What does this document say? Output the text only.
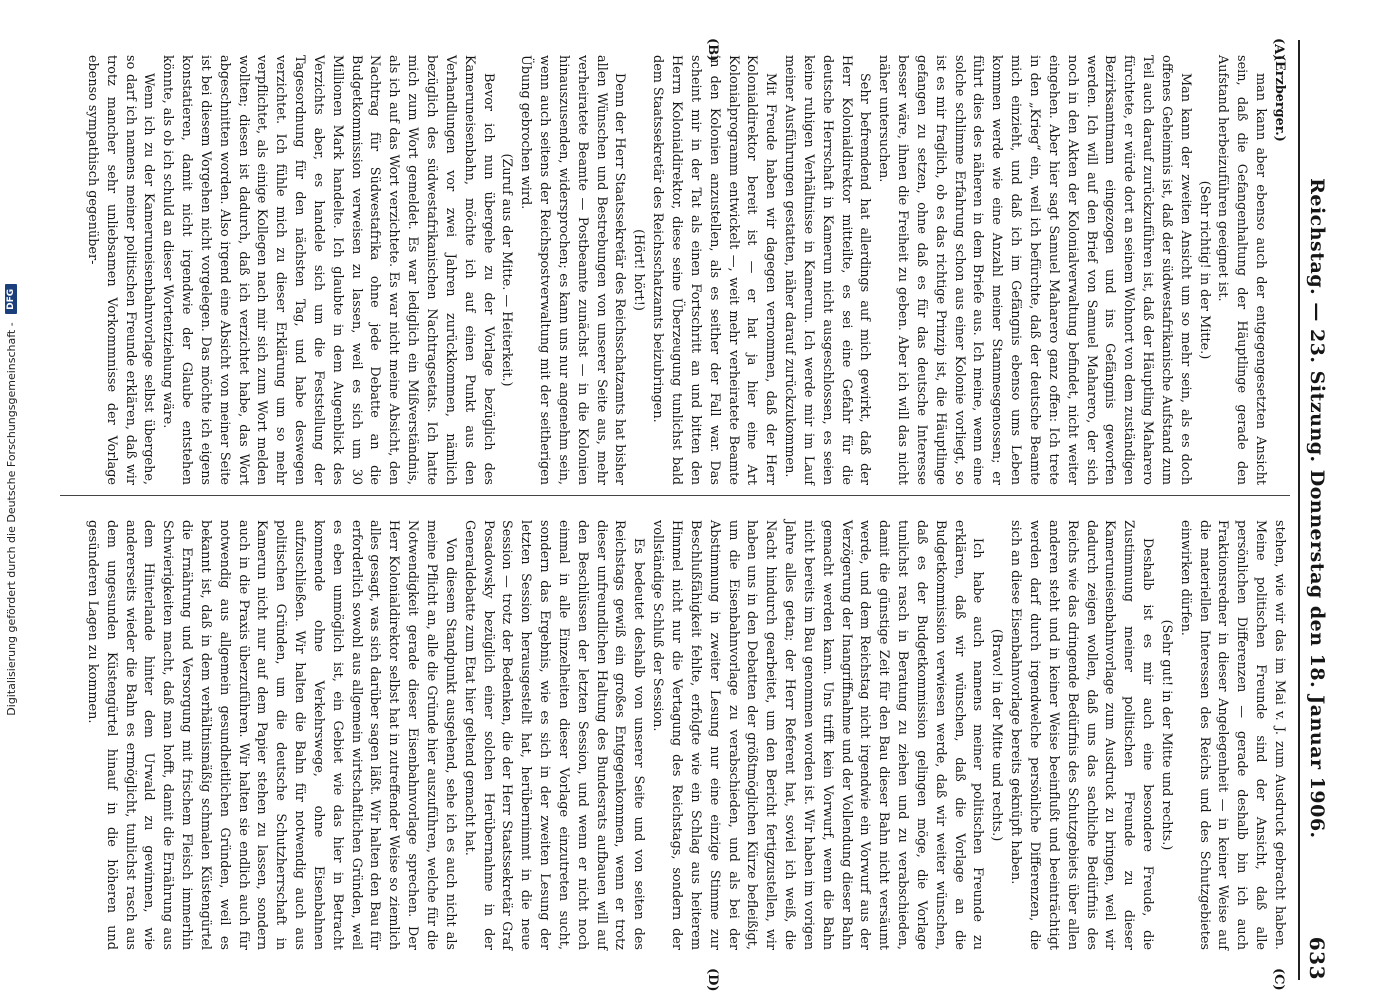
Reichstag. — 23. Sitzung. Donnerstag den 18. Januar 1906.
633
(A)
(B)
(C)
(D)

(Erzberger.)

man kann aber ebenso auch der entgegengesetzten Ansicht sein, daß die Gefangenhaltung der Häuptlinge gerade den Aufstand herbeizuführen geeignet ist.

(Sehr richtig! in der Mitte.)

Man kann der zweiten Ansicht um so mehr sein, als es doch offenes Geheimnis ist, daß der südwestafrikanische Aufstand zum Teil auch darauf zurückzuführen ist, daß der Häuptling Maharero fürchtete, er würde dort an seinem Wohnort von dem zuständigen Bezirksamtmann eingezogen und ins Gefängnis geworfen werden. Ich will auf den Brief von Samuel Maharero, der sich noch in den Akten der Kolonialverwaltung befindet, nicht weiter eingehen. Aber hier sagt Samuel Maharero ganz offen: Ich trete in den „Krieg“ ein, weil ich befürchte, daß der deutsche Beamte mich einzieht, und daß ich im Gefängnis ebenso ums Leben kommen werde wie eine Anzahl meiner Stammesgenossen; er führt dies des näheren in dem Briefe aus. Ich meine, wenn eine solche schlimme Erfahrung schon aus einer Kolonie vorliegt, so ist es mir fraglich, ob es das richtige Prinzip ist, die Häuptlinge gefangen zu setzen, ohne daß es für das deutsche Interesse besser wäre, ihnen die Freiheit zu geben. Aber ich will das nicht näher untersuchen.

Sehr befremdend hat allerdings auf mich gewirkt, daß der Herr Kolonialdirektor mitteilte, es sei eine Gefahr für die deutsche Herrschaft in Kamerun nicht ausgeschlossen, es seien keine ruhigen Verhältnisse in Kamerun. Ich werde mir im Lauf meiner Ausführungen gestatten, näher darauf zurückzukommen.

Mit Freude haben wir dagegen vernommen, daß der Herr Kolonialdirektor bereit ist — er hat ja hier eine Art Kolonialprogramm entwickelt —, weit mehr verheiratete Beamte in den Kolonien anzustellen, als es seither der Fall war. Das scheint mir in der Tat als einen Fortschritt an und bitten den Herrn Kolonialdirektor, diese seine Überzeugung tunlichst bald dem Staatssekretär des Reichsschatzamts beizubringen.

(Hört! hört!)

Denn der Herr Staatssekretär des Reichsschatzamts hat bisher allen Wünschen und Bestrebungen von unserer Seite aus, mehr verheiratete Beamte — Postbeamte zunächst — in die Kolonien hinauszusenden, widersprochen; es kann uns nur angenehm sein, wenn auch seitens der Reichspostverwaltung mit der seitherigen Übung gebrochen wird.

(Zuruf aus der Mitte. — Heiterkeit.)

Bevor ich nun übergehe zu der Vorlage bezüglich des Kameruneisenbahn, möchte ich auf einen Punkt aus den Verhandlungen vor zwei Jahren zurückkommen, nämlich bezüglich des südwestafrikanischen Nachtragsetats. Ich hatte mich zum Wort gemeldet. Es war lediglich ein Mißverständnis, als ich auf das Wort verzichtete. Es war nicht meine Absicht, den Nachtrag für Südwestafrika ohne jede Debatte an die Budgetkommission verweisen zu lassen, weil es sich um 30 Millionen Mark handelte. Ich glaubte in dem Augenblick des Verzichts aber, es handele sich um die Feststellung der Tagesordnung für den nächsten Tag, und habe deswegen verzichtet. Ich fühle mich zu dieser Erklärung um so mehr verpflichtet, als einige Kollegen nach mir sich zum Wort melden wollten; diesen ist dadurch, daß ich verzichtet habe, das Wort abgeschnitten worden. Also irgend eine Absicht von meiner Seite ist bei diesem Vorgehen nicht vorgelegen. Das möchte ich eigens konstatieren, damit nicht irgendwie der Glaube entstehen könnte, als ob ich schuld an dieser Wortentziehung wäre.

Wenn ich zu der Kameruneisenbahnvorlage selbst übergehe, so darf ich namens meiner politischen Freunde erklären, daß wir trotz mancher sehr unliebsamen Vorkommnisse der Vorlage ebenso sympathisch gegenüber-

stehen, wie wir das im Mai v. J. zum Ausdruck gebracht haben. Meine politischen Freunde sind der Ansicht, daß alle persönlichen Differenzen — gerade deshalb bin ich auch Fraktionsredner in dieser Angelegenheit — in keiner Weise auf die materiellen Interessen des Reichs und des Schutzgebietes einwirken dürfen.

(Sehr gut! in der Mitte und rechts.)

Deshalb ist es mir auch eine besondere Freude, die Zustimmung meiner politischen Freunde zu dieser Kameruneisenbahnvorlage zum Ausdruck zu bringen, weil wir dadurch zeigen wollen, daß uns das sachliche Bedürfnis des Reichs wie das dringende Bedürfnis des Schutzgebiets über allen anderen steht und in keiner Weise beeinflußt und beeinträchtigt werden darf durch irgendwelche persönliche Differenzen, die sich an diese Eisenbahnvorlage bereits geknüpft haben.

(Bravo! in der Mitte und rechts.)

Ich habe auch namens meiner politischen Freunde zu erklären, daß wir wünschen, daß die Vorlage an die Budgetkommission verwiesen werde, daß wir weiter wünschen, daß es der Budgetkommission gelingen möge, die Vorlage tunlichst rasch in Beratung zu ziehen und zu verabschieden, damit die günstige Zeit für den Bau dieser Bahn nicht versäumt werde, und dem Reichstag nicht irgendwie ein Vorwurf aus der Verzögerung der Inangriffnahme und der Vollendung dieser Bahn gemacht werden kann. Uns trifft kein Vorwurf, wenn die Bahn nicht bereits im Bau genommen worden ist. Wir haben im vorigen Jahre alles getan; der Herr Referent hat, soviel ich weiß, die Nacht hindurch gearbeitet, um den Bericht fertigzustellen, wir haben uns in den Debatten der größtmöglichen Kürze befleißigt, um die Eisenbahnvorlage zu verabschieden, und als bei der Abstimmung in zweiter Lesung nur eine einzige Stimme zur Beschlußfähigkeit fehlte, erfolgte wie ein Schlag aus heiterem Himmel nicht nur die Vertagung des Reichstags, sondern der vollständige Schluß der Session.

Es bedeutet deshalb von unserer Seite und von seiten des Reichstags gewiß ein großes Entgegenkommen, wenn er trotz dieser unfreundlichen Haltung des Bundesrats aufbauen will auf den Beschlüssen der letzten Session, und wenn er nicht noch einmal in alle Einzelheiten dieser Vorlage einzutreten sucht, sondern das Ergebnis, wie es sich in der zweiten Lesung der letzten Session herausgestellt hat, herübernimmt in die neue Session — trotz der Bedenken, die der Herr Staatssekretär Graf Posadowsky bezüglich einer solchen Herübernahme in der Generaldebatte zum Etat hier geltend gemacht hat.

Von diesem Standpunkt ausgehend, sehe ich es auch nicht als meine Pflicht an, alle die Gründe hier auszuführen, welche für die Notwendigkeit gerade dieser Eisenbahnvorlage sprechen. Der Herr Kolonialdirektor selbst hat in zutreffender Weise so ziemlich alles gesagt, was sich darüber sagen läßt. Wir halten den Bau für erforderlich sowohl aus allgemein wirtschaftlichen Gründen, weil es eben unmöglich ist, ein Gebiet wie das hier in Betracht kommende ohne Verkehrswege, ohne Eisenbahnen aufzuschließen. Wir halten die Bahn für notwendig auch aus politischen Gründen, um die deutsche Schutzherrschaft in Kamerun nicht nur auf dem Papier stehen zu lassen, sondern auch in die Praxis überzuführen. Wir halten sie endlich auch für notwendig aus allgemein gesundheitlichen Gründen, weil es bekannt ist, daß in dem verhältnismäßig schmalen Küstengürtel die Ernährung und Versorgung mit frischem Fleisch immerhin Schwierigkeiten macht, daß man hofft, damit die Ernährung aus dem Hinterlande hinter dem Urwald zu gewinnen, wie andererseits wieder die Bahn es ermöglicht, tunlichst rasch aus dem ungesunden Küstengürtel hinauf in die höheren und gesünderen Lagen zu kommen.

Digitalisierung gefördert durch die Deutsche Forschungsgemeinschaft -
DFG
